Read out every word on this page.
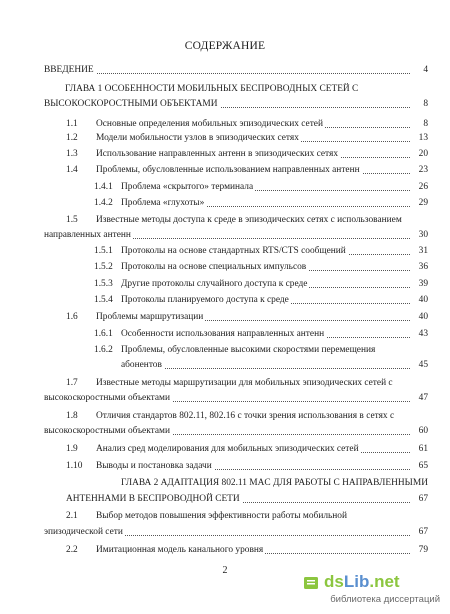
СОДЕРЖАНИЕ
ВВЕДЕНИЕ	4
ГЛАВА 1 ОСОБЕННОСТИ МОБИЛЬНЫХ БЕСПРОВОДНЫХ СЕТЕЙ С
ВЫСОКОСКОРОСТНЫМИ ОБЪЕКТАМИ	8
1.1 Основные определения мобильных эпизодических сетей	8
1.2 Модели мобильности узлов в эпизодических сетях	13
1.3 Использование направленных антенн в эпизодических сетях	20
1.4 Проблемы, обусловленные использованием направленных антенн	23
1.4.1 Проблема «скрытого» терминала	26
1.4.2 Проблема «глухоты»	29
1.5 Известные методы доступа к среде в эпизодических сетях с использованием
направленных антенн	30
1.5.1 Протоколы на основе стандартных RTS/CTS сообщений	31
1.5.2 Протоколы на основе специальных импульсов	36
1.5.3 Другие протоколы случайного доступа к среде	39
1.5.4 Протоколы планируемого доступа к среде	40
1.6 Проблемы маршрутизации	40
1.6.1 Особенности использования направленных антенн	43
1.6.2 Проблемы, обусловленные высокими скоростями перемещения
абонентов	45
1.7 Известные методы маршрутизации для мобильных эпизодических сетей с
высокоскоростными объектами	47
1.8 Отличия стандартов 802.11, 802.16 с точки зрения использования в сетях с
высокоскоростными объектами	60
1.9 Анализ сред моделирования для мобильных эпизодических сетей	61
1.10 Выводы и постановка задачи	65
ГЛАВА 2 АДАПТАЦИЯ 802.11 MAC ДЛЯ РАБОТЫ С НАПРАВЛЕННЫМИ
АНТЕННАМИ В БЕСПРОВОДНОЙ СЕТИ	67
2.1 Выбор методов повышения эффективности работы мобильной
эпизодической сети	67
2.2 Имитационная модель канального уровня	79
2
dsLib.net
библиотека диссертаций
